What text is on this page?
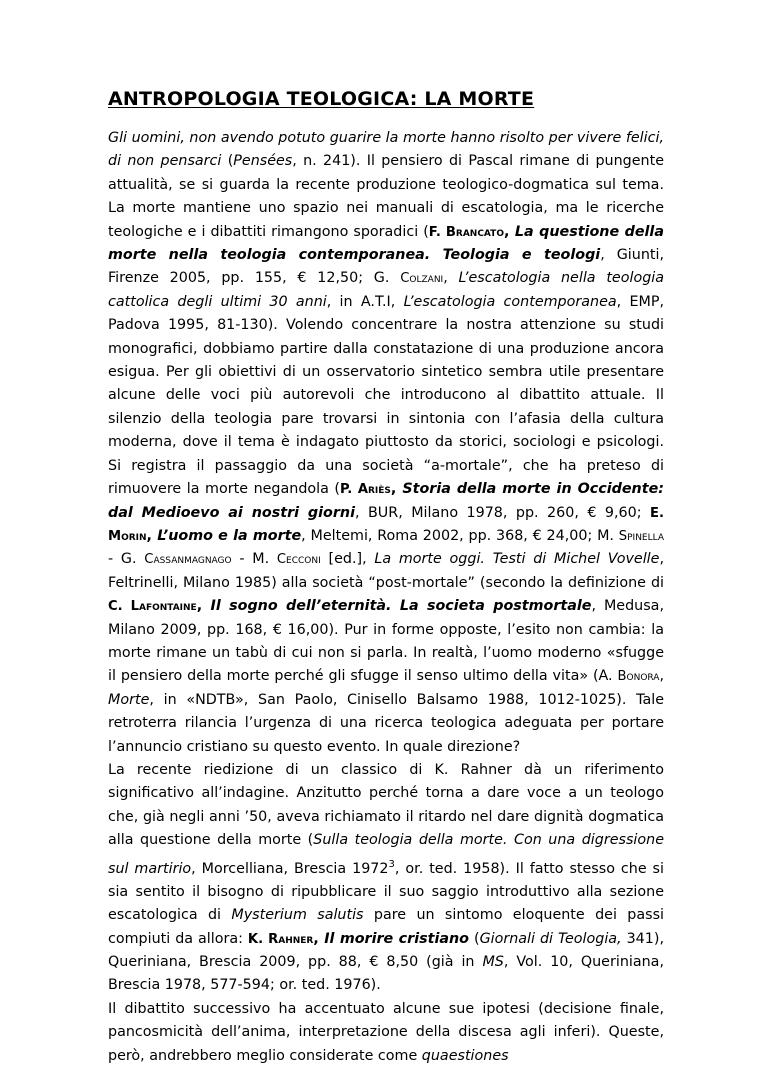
ANTROPOLOGIA TEOLOGICA: LA MORTE

Gli uomini, non avendo potuto guarire la morte hanno risolto per vivere felici, di non pensarci (Pensées, n. 241). Il pensiero di Pascal rimane di pungente attualità, se si guarda la recente produzione teologico-dogmatica sul tema. La morte mantiene uno spazio nei manuali di escatologia, ma le ricerche teologiche e i dibattiti rimangono sporadici (F. Brancato, La questione della morte nella teologia contemporanea. Teologia e teologi, Giunti, Firenze 2005, pp. 155, € 12,50; G. Colzani, L’escatologia nella teologia cattolica degli ultimi 30 anni, in A.T.I, L’escatologia contemporanea, EMP, Padova 1995, 81-130). Volendo concentrare la nostra attenzione su studi monografici, dobbiamo partire dalla constatazione di una produzione ancora esigua. Per gli obiettivi di un osservatorio sintetico sembra utile presentare alcune delle voci più autorevoli che introducono al dibattito attuale. Il silenzio della teologia pare trovarsi in sintonia con l’afasia della cultura moderna, dove il tema è indagato piuttosto da storici, sociologi e psicologi. Si registra il passaggio da una società “a-mortale”, che ha preteso di rimuovere la morte negandola (P. Ariès, Storia della morte in Occidente: dal Medioevo ai nostri giorni, BUR, Milano 1978, pp. 260, € 9,60; E. Morin, L’uomo e la morte, Meltemi, Roma 2002, pp. 368, € 24,00; M. Spinella - G. Cassanmagnago - M. Cecconi [ed.], La morte oggi. Testi di Michel Vovelle, Feltrinelli, Milano 1985) alla società “post-mortale” (secondo la definizione di C. Lafontaine, Il sogno dell’eternità. La societa postmortale, Medusa, Milano 2009, pp. 168, € 16,00). Pur in forme opposte, l’esito non cambia: la morte rimane un tabù di cui non si parla. In realtà, l’uomo moderno «sfugge il pensiero della morte perché gli sfugge il senso ultimo della vita» (A. Bonora, Morte, in «NDTB», San Paolo, Cinisello Balsamo 1988, 1012-1025). Tale retroterra rilancia l’urgenza di una ricerca teologica adeguata per portare l’annuncio cristiano su questo evento. In quale direzione?

La recente riedizione di un classico di K. Rahner dà un riferimento significativo all’indagine. Anzitutto perché torna a dare voce a un teologo che, già negli anni ’50, aveva richiamato il ritardo nel dare dignità dogmatica alla questione della morte (Sulla teologia della morte. Con una digressione sul martirio, Morcelliana, Brescia 1972$^3$, or. ted. 1958). Il fatto stesso che si sia sentito il bisogno di ripubblicare il suo saggio introduttivo alla sezione escatologica di Mysterium salutis pare un sintomo eloquente dei passi compiuti da allora: K. Rahner, Il morire cristiano (Giornali di Teologia, 341), Queriniana, Brescia 2009, pp. 88, € 8,50 (già in MS, Vol. 10, Queriniana, Brescia 1978, 577-594; or. ted. 1976).

Il dibattito successivo ha accentuato alcune sue ipotesi (decisione finale, pancosmicità dell’anima, interpretazione della discesa agli inferi). Queste, però, andrebbero meglio considerate come quaestiones
